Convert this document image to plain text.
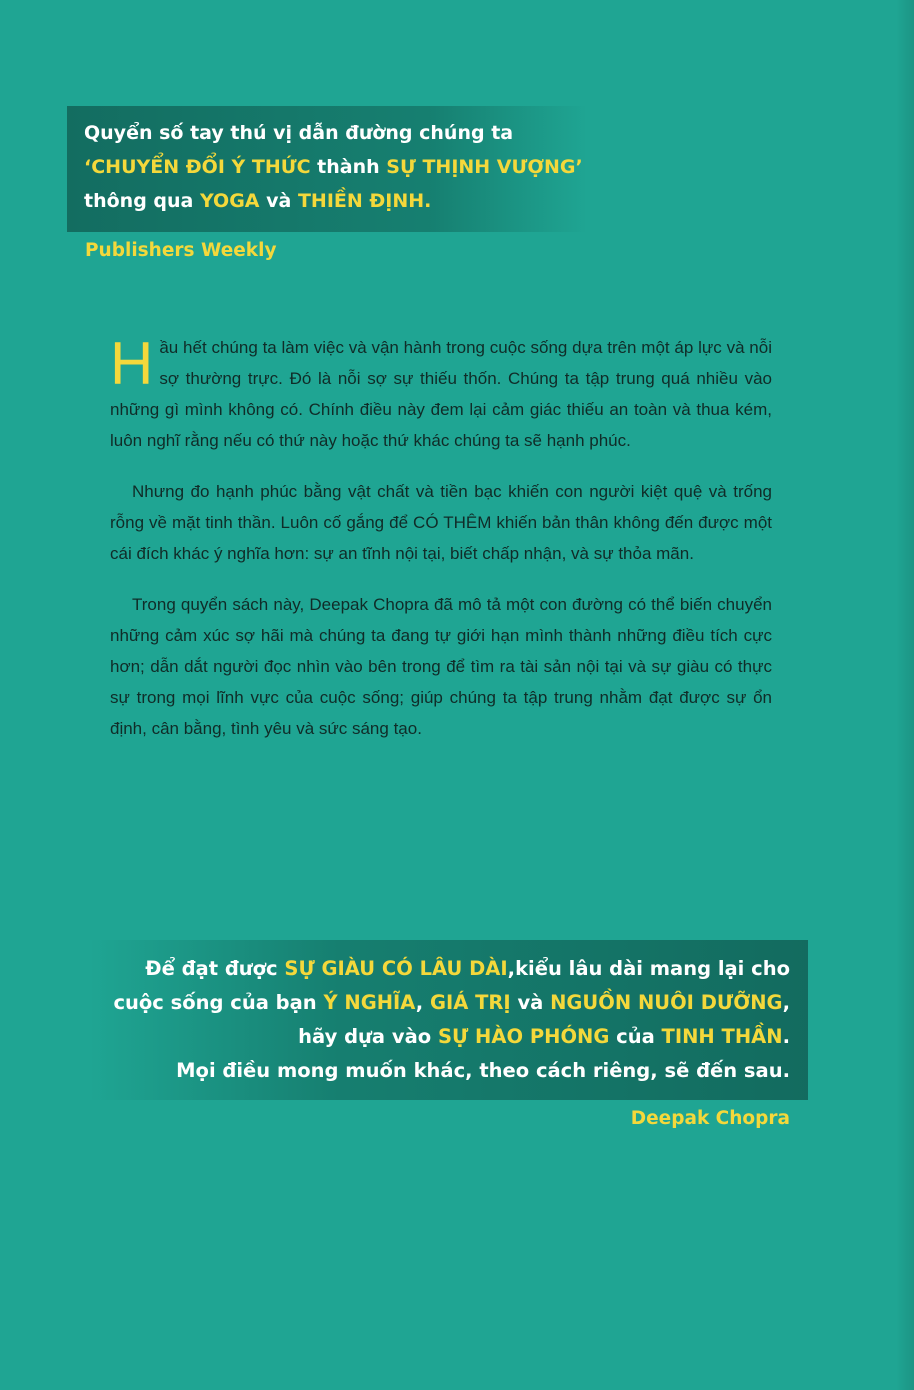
Quyển số tay thú vị dẫn đường chúng ta
‘CHUYỂN ĐỔI Ý THỨC thành SỰ THỊNH VƯỢNG’
thông qua YOGA và THIỀN ĐỊNH.
Publishers Weekly

Hầu hết chúng ta làm việc và vận hành trong cuộc sống dựa trên một áp lực và nỗi sợ thường trực. Đó là nỗi sợ sự thiếu thốn. Chúng ta tập trung quá nhiều vào những gì mình không có. Chính điều này đem lại cảm giác thiếu an toàn và thua kém, luôn nghĩ rằng nếu có thứ này hoặc thứ khác chúng ta sẽ hạnh phúc.

Nhưng đo hạnh phúc bằng vật chất và tiền bạc khiến con người kiệt quệ và trống rỗng về mặt tinh thần. Luôn cố gắng để CÓ THÊM khiến bản thân không đến được một cái đích khác ý nghĩa hơn: sự an tĩnh nội tại, biết chấp nhận, và sự thỏa mãn.

Trong quyển sách này, Deepak Chopra đã mô tả một con đường có thể biến chuyển những cảm xúc sợ hãi mà chúng ta đang tự giới hạn mình thành những điều tích cực hơn; dẫn dắt người đọc nhìn vào bên trong để tìm ra tài sản nội tại và sự giàu có thực sự trong mọi lĩnh vực của cuộc sống; giúp chúng ta tập trung nhằm đạt được sự ổn định, cân bằng, tình yêu và sức sáng tạo.

Để đạt được SỰ GIÀU CÓ LÂU DÀI,kiểu lâu dài mang lại cho
cuộc sống của bạn Ý NGHĨA, GIÁ TRỊ và NGUỒN NUÔI DƯỠNG,
hãy dựa vào SỰ HÀO PHÓNG của TINH THẦN.
Mọi điều mong muốn khác, theo cách riêng, sẽ đến sau.
Deepak Chopra
